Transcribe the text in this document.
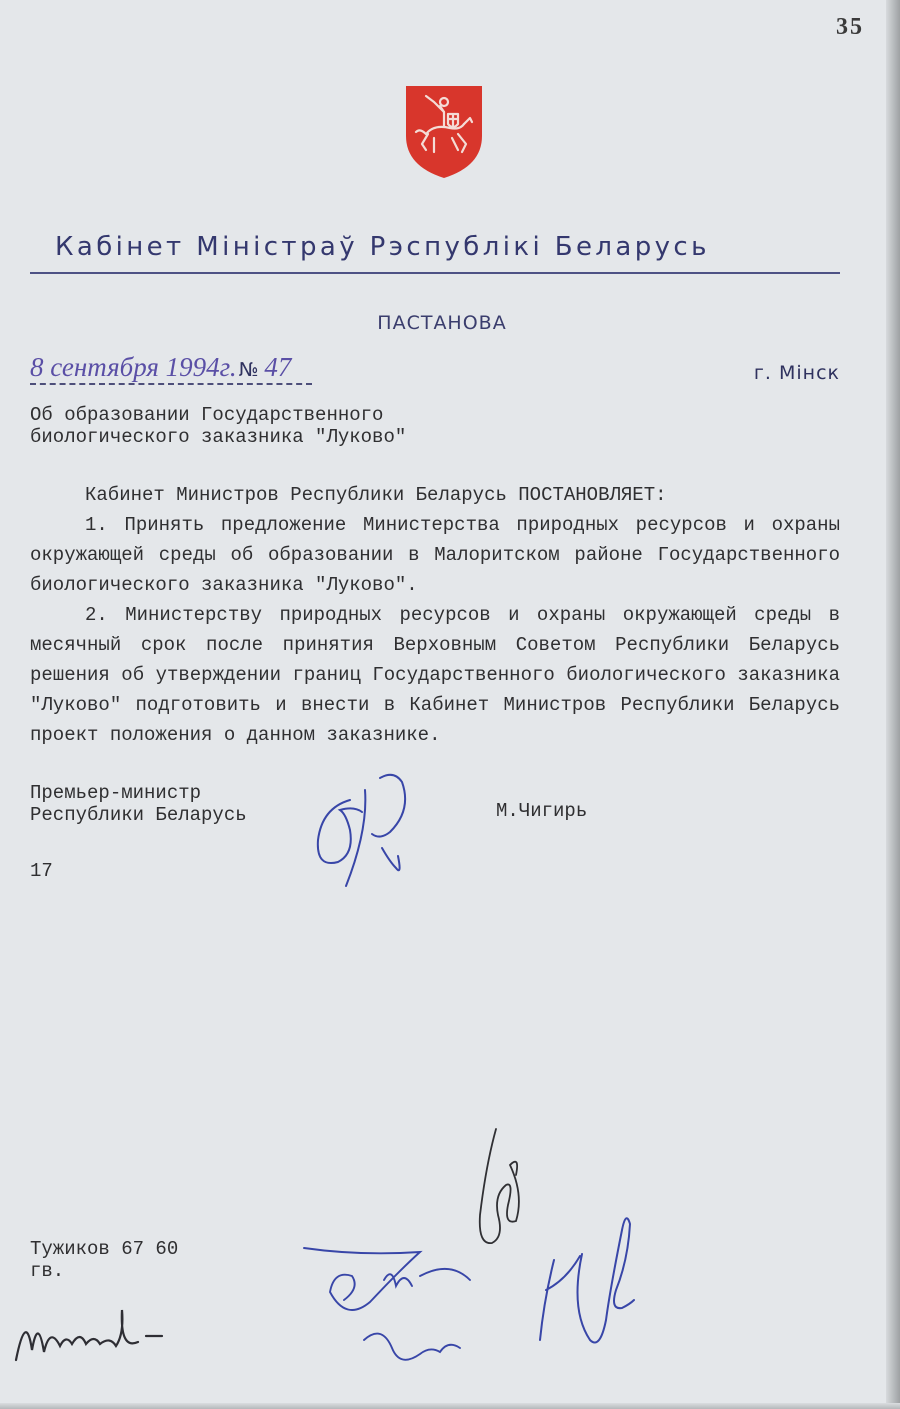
35
Кабінет Міністраў Рэспублікі Беларусь
ПАСТАНОВА
8 сентября 1994г. № 47	г. Мінск
Об образовании Государственного
биологического заказника "Луково"
Кабинет Министров Республики Беларусь ПОСТАНОВЛЯЕТ:
1. Принять предложение Министерства природных ресурсов и охраны окружающей среды об образовании в Малоритском районе Государственного биологического заказника "Луково".
2. Министерству природных ресурсов и охраны окружающей среды в месячный срок после принятия Верховным Советом Республики Беларусь решения об утверждении границ Государственного биологического заказника "Луково" подготовить и внести в Кабинет Министров Республики Беларусь проект положения о данном заказнике.
Премьер-министр
Республики Беларусь	М.Чигирь
17
Тужиков 67 60
гв.
